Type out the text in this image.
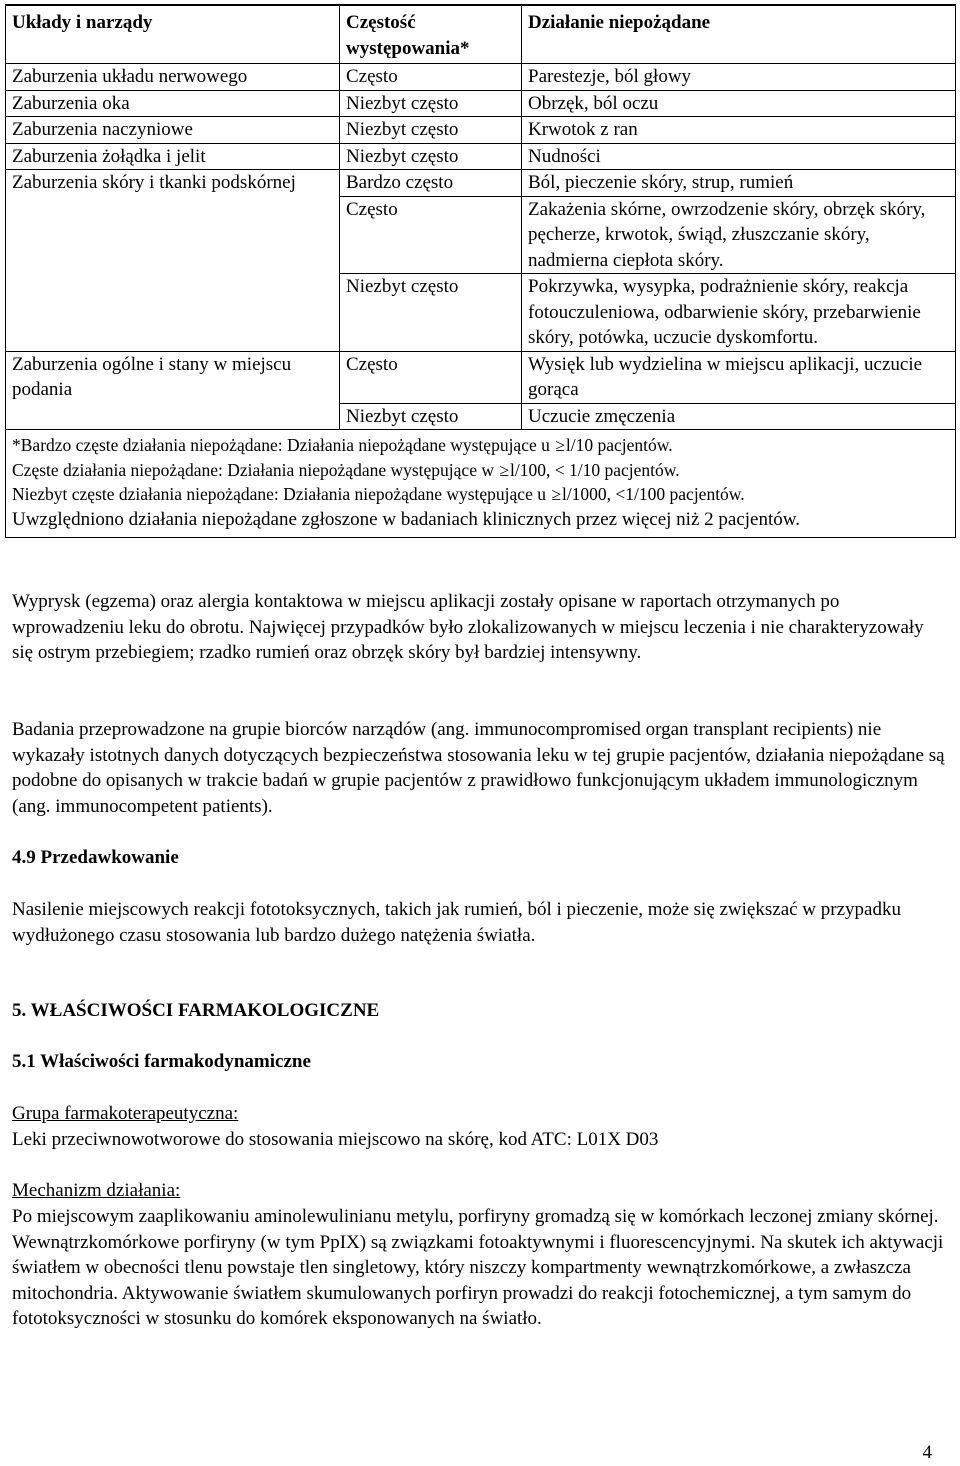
Układy i narządy	Częstość występowania*	Działanie niepożądane
Zaburzenia układu nerwowego	Często	Parestezje, ból głowy
Zaburzenia oka	Niezbyt często	Obrzęk, ból oczu
Zaburzenia naczyniowe	Niezbyt często	Krwotok z ran
Zaburzenia żołądka i jelit	Niezbyt często	Nudności
Zaburzenia skóry i tkanki podskórnej	Bardzo często	Ból, pieczenie skóry, strup, rumień
	Często	Zakażenia skórne, owrzodzenie skóry, obrzęk skóry, pęcherze, krwotok, świąd, złuszczanie skóry, nadmierna ciepłota skóry.
	Niezbyt często	Pokrzywka, wysypka, podrażnienie skóry, reakcja fotouczuleniowa, odbarwienie skóry, przebarwienie skóry, potówka, uczucie dyskomfortu.
Zaburzenia ogólne i stany w miejscu podania	Często	Wysięk lub wydzielina w miejscu aplikacji, uczucie gorąca
	Niezbyt często	Uczucie zmęczenia

*Bardzo częste działania niepożądane: Działania niepożądane występujące u ≥l/10 pacjentów.

Częste działania niepożądane: Działania niepożądane występujące w ≥l/100, < 1/10 pacjentów.

Niezbyt częste działania niepożądane: Działania niepożądane występujące u ≥l/1000, <1/100 pacjentów.

Uwzględniono działania niepożądane zgłoszone w badaniach klinicznych przez więcej niż 2 pacjentów.		

Wyprysk (egzema) oraz alergia kontaktowa w miejscu aplikacji zostały opisane w raportach otrzymanych po wprowadzeniu leku do obrotu. Najwięcej przypadków było zlokalizowanych w miejscu leczenia i nie charakteryzowały się ostrym przebiegiem; rzadko rumień oraz obrzęk skóry był bardziej intensywny.

Badania przeprowadzone na grupie biorców narządów (ang. immunocompromised organ transplant recipients) nie wykazały istotnych danych dotyczących bezpieczeństwa stosowania leku w tej grupie pacjentów, działania niepożądane są podobne do opisanych w trakcie badań w grupie pacjentów z prawidłowo funkcjonującym układem immunologicznym (ang. immunocompetent patients).

4.9 Przedawkowanie

Nasilenie miejscowych reakcji fototoksycznych, takich jak rumień, ból i pieczenie, może się zwiększać w przypadku wydłużonego czasu stosowania lub bardzo dużego natężenia światła.

5. WŁAŚCIWOŚCI FARMAKOLOGICZNE

5.1 Właściwości farmakodynamiczne

Grupa farmakoterapeutyczna:

Leki przeciwnowotworowe do stosowania miejscowo na skórę, kod ATC: L01X D03

Mechanizm działania:

Po miejscowym zaaplikowaniu aminolewulinianu metylu, porfiryny gromadzą się w komórkach leczonej zmiany skórnej. Wewnątrzkomórkowe porfiryny (w tym PpIX) są związkami fotoaktywnymi i fluorescencyjnymi. Na skutek ich aktywacji światłem w obecności tlenu powstaje tlen singletowy, który niszczy kompartmenty wewnątrzkomórkowe, a zwłaszcza mitochondria. Aktywowanie światłem skumulowanych porfiryn prowadzi do reakcji fotochemicznej, a tym samym do fototoksyczności w stosunku do komórek eksponowanych na światło.

4
